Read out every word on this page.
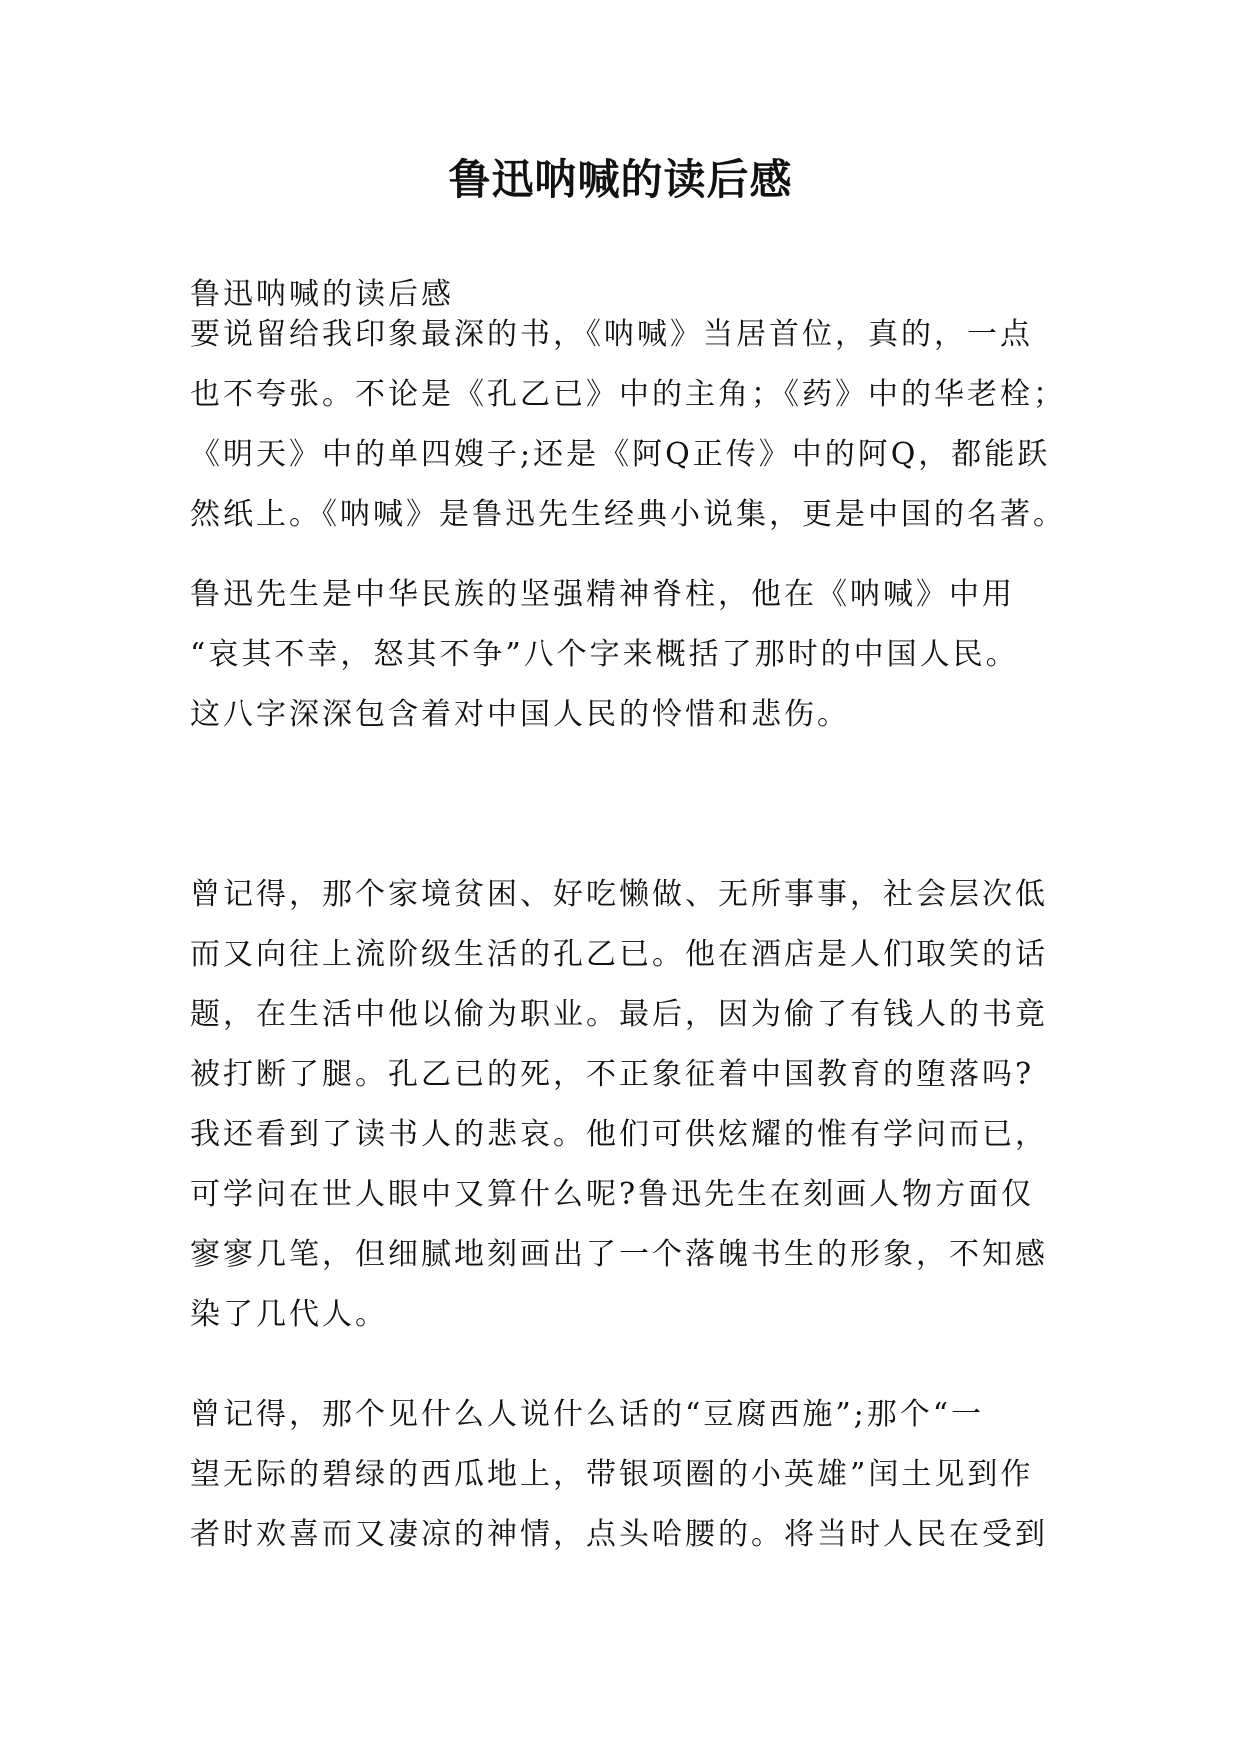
鲁迅呐喊的读后感
鲁迅呐喊的读后感
要说留给我印象最深的书，《呐喊》当居首位，真的，一点
也不夸张。不论是《孔乙已》中的主角；《药》中的华老栓；
《明天》中的单四嫂子;还是《阿Q正传》中的阿Q，都能跃
然纸上。《呐喊》是鲁迅先生经典小说集，更是中国的名著。
鲁迅先生是中华民族的坚强精神脊柱，他在《呐喊》中用
“哀其不幸，怒其不争”八个字来概括了那时的中国人民。
这八字深深包含着对中国人民的怜惜和悲伤。
曾记得，那个家境贫困、好吃懒做、无所事事，社会层次低
而又向往上流阶级生活的孔乙已。他在酒店是人们取笑的话
题，在生活中他以偷为职业。最后，因为偷了有钱人的书竟
被打断了腿。孔乙已的死，不正象征着中国教育的堕落吗?
我还看到了读书人的悲哀。他们可供炫耀的惟有学问而已，
可学问在世人眼中又算什么呢?鲁迅先生在刻画人物方面仅
寥寥几笔，但细腻地刻画出了一个落魄书生的形象，不知感
染了几代人。
曾记得，那个见什么人说什么话的“豆腐西施”;那个“一
望无际的碧绿的西瓜地上，带银项圈的小英雄”闰土见到作
者时欢喜而又凄凉的神情，点头哈腰的。将当时人民在受到
